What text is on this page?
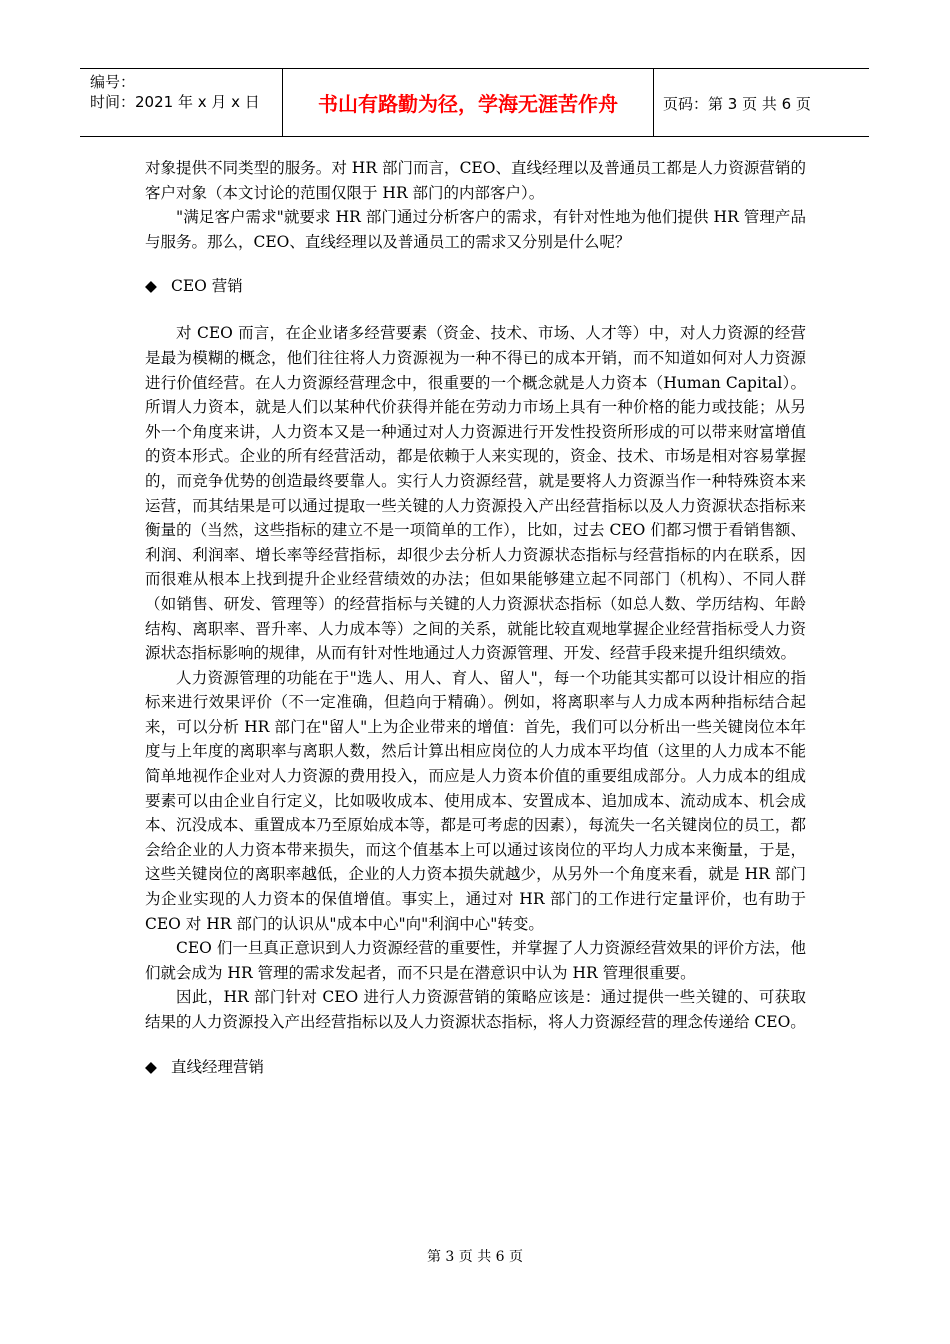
编号：
时间：2021 年 x 月 x 日	书山有路勤为径，学海无涯苦作舟	页码：第 3 页 共 6 页

对象提供不同类型的服务。对 HR 部门而言，CEO、直线经理以及普通员工都是人力资源营销的客户对象（本文讨论的范围仅限于 HR 部门的内部客户）。

"满足客户需求"就要求 HR 部门通过分析客户的需求，有针对性地为他们提供 HR 管理产品与服务。那么，CEO、直线经理以及普通员工的需求又分别是什么呢？

◆ CEO 营销

对 CEO 而言，在企业诸多经营要素（资金、技术、市场、人才等）中，对人力资源的经营是最为模糊的概念，他们往往将人力资源视为一种不得已的成本开销，而不知道如何对人力资源进行价值经营。在人力资源经营理念中，很重要的一个概念就是人力资本（Human Capital）。所谓人力资本，就是人们以某种代价获得并能在劳动力市场上具有一种价格的能力或技能；从另外一个角度来讲，人力资本又是一种通过对人力资源进行开发性投资所形成的可以带来财富增值的资本形式。企业的所有经营活动，都是依赖于人来实现的，资金、技术、市场是相对容易掌握的，而竞争优势的创造最终要靠人。实行人力资源经营，就是要将人力资源当作一种特殊资本来运营，而其结果是可以通过提取一些关键的人力资源投入产出经营指标以及人力资源状态指标来衡量的（当然，这些指标的建立不是一项简单的工作），比如，过去 CEO 们都习惯于看销售额、利润、利润率、增长率等经营指标，却很少去分析人力资源状态指标与经营指标的内在联系，因而很难从根本上找到提升企业经营绩效的办法；但如果能够建立起不同部门（机构）、不同人群（如销售、研发、管理等）的经营指标与关键的人力资源状态指标（如总人数、学历结构、年龄结构、离职率、晋升率、人力成本等）之间的关系，就能比较直观地掌握企业经营指标受人力资源状态指标影响的规律，从而有针对性地通过人力资源管理、开发、经营手段来提升组织绩效。

人力资源管理的功能在于"选人、用人、育人、留人"，每一个功能其实都可以设计相应的指标来进行效果评价（不一定准确，但趋向于精确）。例如，将离职率与人力成本两种指标结合起来，可以分析 HR 部门在"留人"上为企业带来的增值：首先，我们可以分析出一些关键岗位本年度与上年度的离职率与离职人数，然后计算出相应岗位的人力成本平均值（这里的人力成本不能简单地视作企业对人力资源的费用投入，而应是人力资本价值的重要组成部分。人力成本的组成要素可以由企业自行定义，比如吸收成本、使用成本、安置成本、追加成本、流动成本、机会成本、沉没成本、重置成本乃至原始成本等，都是可考虑的因素），每流失一名关键岗位的员工，都会给企业的人力资本带来损失，而这个值基本上可以通过该岗位的平均人力成本来衡量，于是，这些关键岗位的离职率越低，企业的人力资本损失就越少，从另外一个角度来看，就是 HR 部门为企业实现的人力资本的保值增值。事实上，通过对 HR 部门的工作进行定量评价，也有助于 CEO 对 HR 部门的认识从"成本中心"向"利润中心"转变。

CEO 们一旦真正意识到人力资源经营的重要性，并掌握了人力资源经营效果的评价方法，他们就会成为 HR 管理的需求发起者，而不只是在潜意识中认为 HR 管理很重要。

因此，HR 部门针对 CEO 进行人力资源营销的策略应该是：通过提供一些关键的、可获取结果的人力资源投入产出经营指标以及人力资源状态指标，将人力资源经营的理念传递给 CEO。

◆ 直线经理营销
第 3 页 共 6 页
